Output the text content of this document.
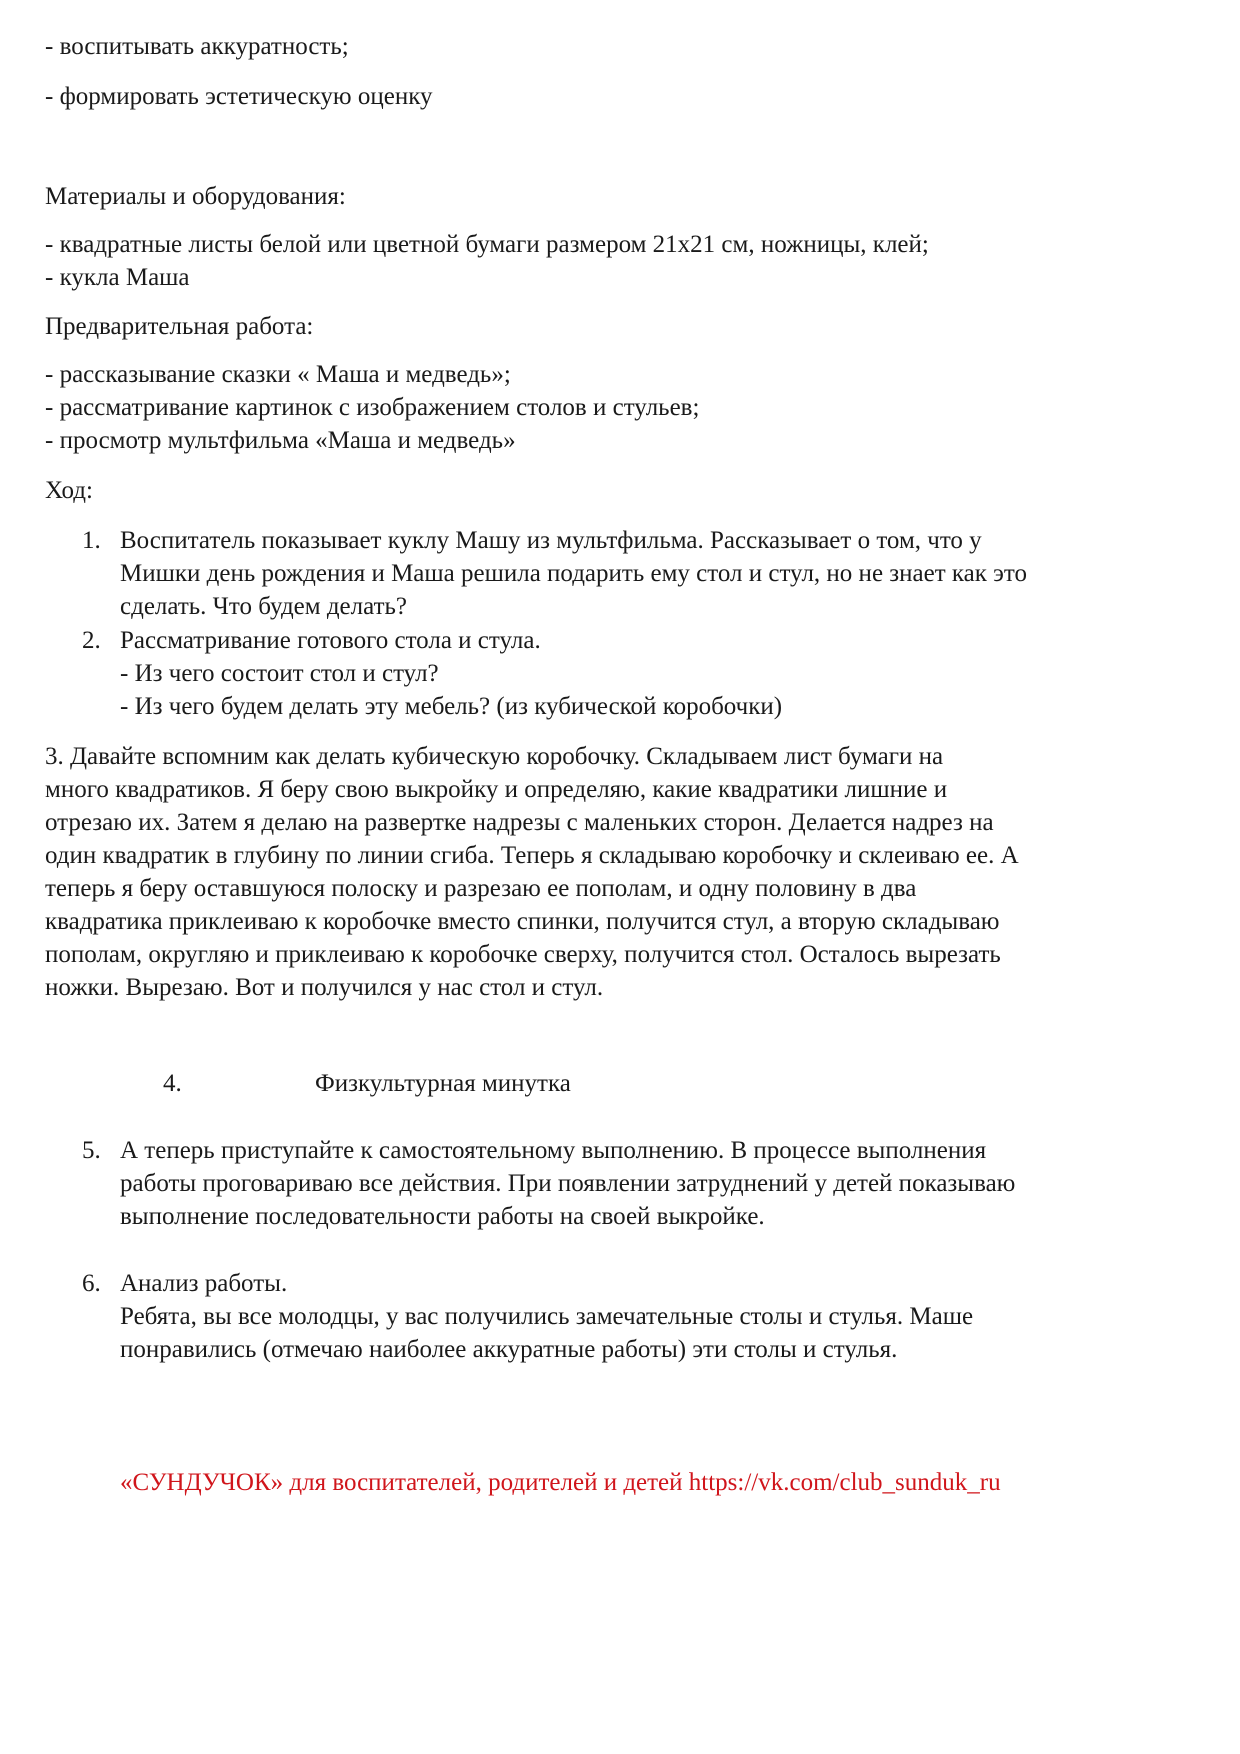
- воспитывать аккуратность;
- формировать эстетическую оценку
Материалы и оборудования:
- квадратные листы белой или цветной бумаги размером 21х21 см, ножницы, клей;
- кукла Маша
Предварительная работа:
- рассказывание сказки « Маша и медведь»;
- рассматривание картинок с изображением столов и стульев;
- просмотр мультфильма «Маша и медведь»
Ход:
1. Воспитатель показывает куклу Машу из мультфильма. Рассказывает о том, что у
Мишки день рождения и Маша решила подарить ему стол и стул, но не знает как это
сделать. Что будем делать?
2. Рассматривание готового стола и стула.
- Из чего состоит стол и стул?
- Из чего будем делать эту мебель? (из кубической коробочки)
3. Давайте вспомним как делать кубическую коробочку. Складываем лист бумаги на
много квадратиков. Я беру свою выкройку и определяю, какие квадратики лишние и
отрезаю их. Затем я делаю на развертке надрезы с маленьких сторон. Делается надрез на
один квадратик в глубину по линии сгиба. Теперь я складываю коробочку и склеиваю ее. А
теперь я беру оставшуюся полоску и разрезаю ее пополам, и одну половину в два
квадратика приклеиваю к коробочке вместо спинки, получится стул, а вторую складываю
пополам, округляю и приклеиваю к коробочке сверху, получится стол. Осталось вырезать
ножки. Вырезаю. Вот и получился у нас стол и стул.
4.	Физкультурная минутка
5. А теперь приступайте к самостоятельному выполнению. В процессе выполнения
работы проговариваю все действия. При появлении затруднений у детей показываю
выполнение последовательности работы на своей выкройке.
6. Анализ работы.
Ребята, вы все молодцы, у вас получились замечательные столы и стулья. Маше
понравились (отмечаю наиболее аккуратные работы) эти столы и стулья.
«СУНДУЧОК» для воспитателей, родителей и детей https://vk.com/club_sunduk_ru
